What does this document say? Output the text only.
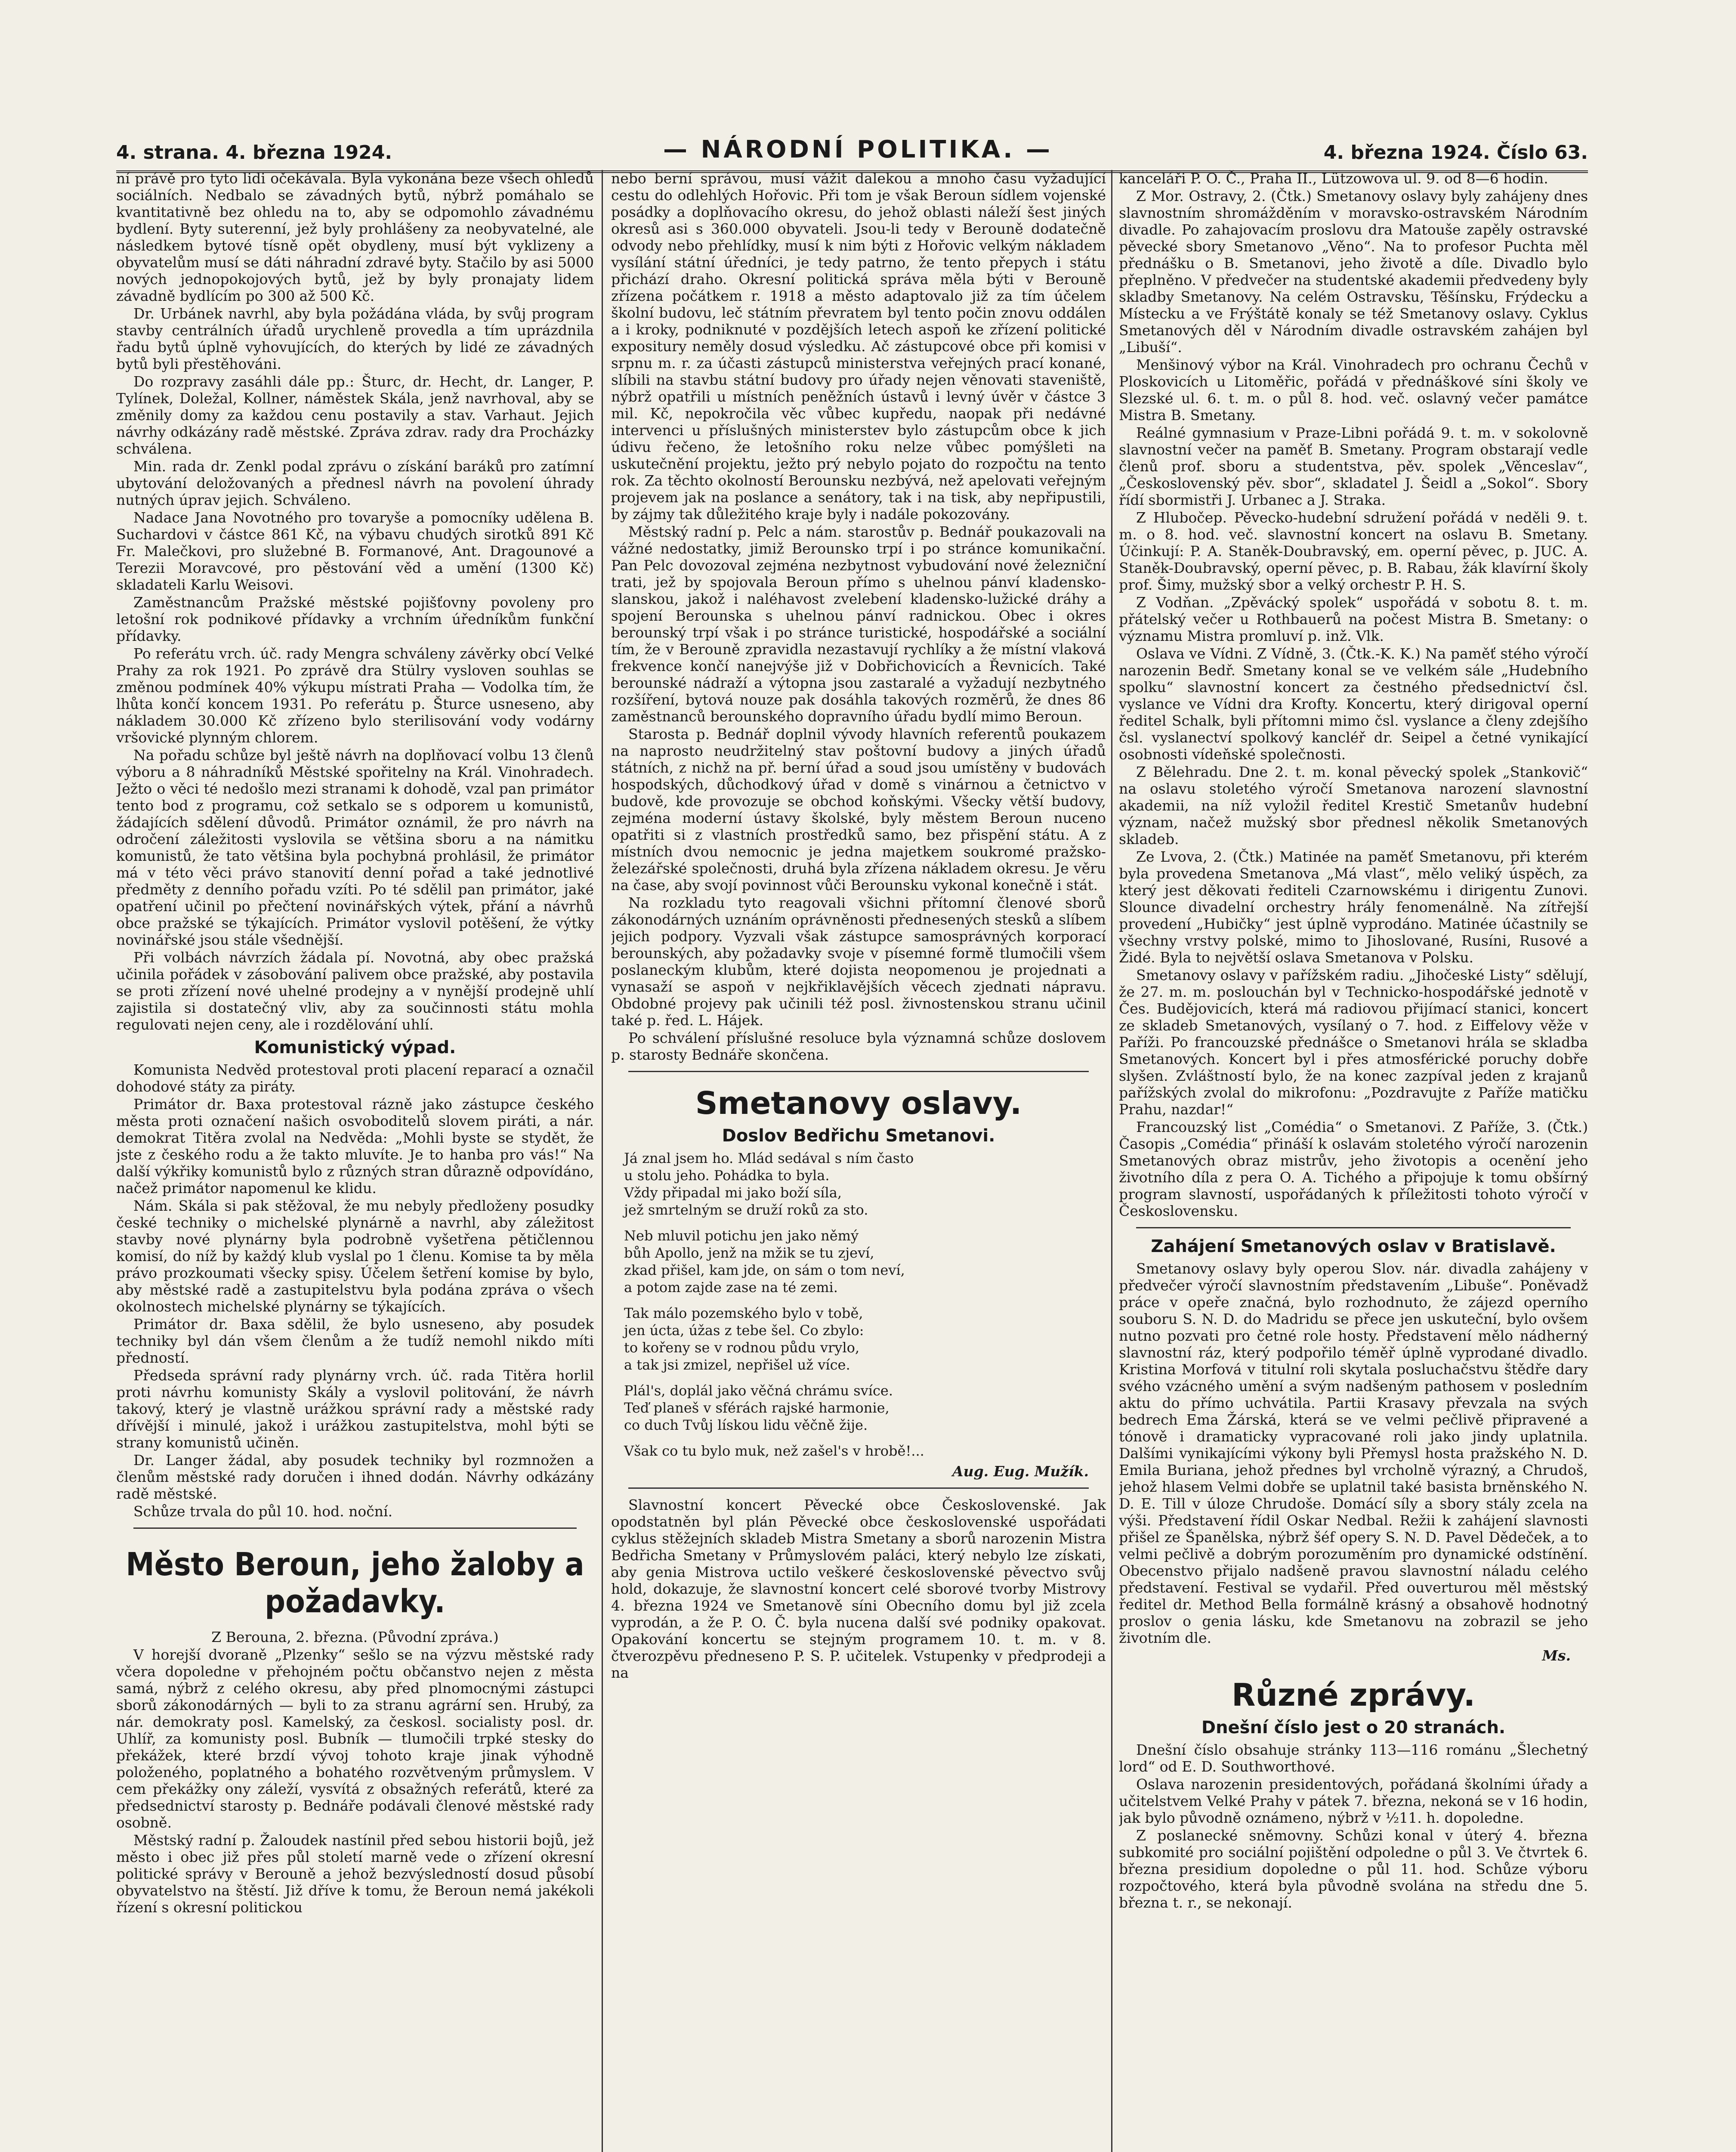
4. strana. 4. března 1924.	— NÁRODNÍ POLITIKA. —	4. března 1924. Číslo 63.

ní právě pro tyto lidi očekávala. Byla vykonána beze všech ohledů sociálních. Nedbalo se závadných bytů, nýbrž pomáhalo se kvantitativně bez ohledu na to, aby se odpomohlo závadnému bydlení. Byty suterenní, jež byly prohlášeny za neobyvatelné, ale následkem bytové tísně opět obydleny, musí být vyklizeny a obyvatelům musí se dáti náhradní zdravé byty. Stačilo by asi 5000 nových jednopokojových bytů, jež by byly pronajaty lidem závadně bydlícím po 300 až 500 Kč.

Dr. Urbánek navrhl, aby byla požádána vláda, by svůj program stavby centrálních úřadů urychleně provedla a tím uprázdnila řadu bytů úplně vyhovujících, do kterých by lidé ze závadných bytů byli přestěhováni.

Do rozpravy zasáhli dále pp.: Šturc, dr. Hecht, dr. Langer, P. Tylínek, Doležal, Kollner, náměstek Skála, jenž navrhoval, aby se změnily domy za každou cenu postavily a stav. Varhaut. Jejich návrhy odkázány radě městské. Zpráva zdrav. rady dra Procházky schválena.

Min. rada dr. Zenkl podal zprávu o získání baráků pro zatímní ubytování deložovaných a přednesl návrh na povolení úhrady nutných úprav jejich. Schváleno.

Nadace Jana Novotného pro tovaryše a pomocníky udělena B. Suchardovi v částce 861 Kč, na výbavu chudých sirotků 891 Kč Fr. Malečkovi, pro služebné B. Formanové, Ant. Dragounové a Terezii Moravcové, pro pěstování věd a umění (1300 Kč) skladateli Karlu Weisovi.

Zaměstnancům Pražské městské pojišťovny povoleny pro letošní rok podnikové přídavky a vrchním úředníkům funkční přídavky.

Po referátu vrch. úč. rady Mengra schváleny závěrky obcí Velké Prahy za rok 1921. Po zprávě dra Stülry vysloven souhlas se změnou podmínek 40% výkupu místrati Praha — Vodolka tím, že lhůta končí koncem 1931. Po referátu p. Šturce usneseno, aby nákladem 30.000 Kč zřízeno bylo sterilisování vody vodárny vršovické plynným chlorem.

Na pořadu schůze byl ještě návrh na doplňovací volbu 13 členů výboru a 8 náhradníků Městské spořitelny na Král. Vinohradech. Ježto o věci té nedošlo mezi stranami k dohodě, vzal pan primátor tento bod z programu, což setkalo se s odporem u komunistů, žádajících sdělení důvodů. Primátor oznámil, že pro návrh na odročení záležitosti vyslovila se většina sboru a na námitku komunistů, že tato většina byla pochybná prohlásil, že primátor má v této věci právo stanovití denní pořad a také jednotlivé předměty z denního pořadu vzíti. Po té sdělil pan primátor, jaké opatření učinil po přečtení novinářských výtek, přání a návrhů obce pražské se týkajících. Primátor vyslovil potěšení, že výtky novinářské jsou stále všednější.

Při volbách návrzích žádala pí. Novotná, aby obec pražská učinila pořádek v zásobování palivem obce pražské, aby postavila se proti zřízení nové uhelné prodejny a v nynější prodejně uhlí zajistila si dostatečný vliv, aby za součinnosti státu mohla regulovati nejen ceny, ale i rozdělování uhlí.

Komunistický výpad.

Komunista Nedvěd protestoval proti placení reparací a označil dohodové státy za piráty.

Primátor dr. Baxa protestoval rázně jako zástupce českého města proti označení našich osvoboditelů slovem piráti, a nár. demokrat Titěra zvolal na Nedvěda: „Mohli byste se stydět, že jste z českého rodu a že takto mluvíte. Je to hanba pro vás!“ Na další výkřiky komunistů bylo z různých stran důrazně odpovídáno, načež primátor napomenul ke klidu.

Nám. Skála si pak stěžoval, že mu nebyly předloženy posudky české techniky o michelské plynárně a navrhl, aby záležitost stavby nové plynárny byla podrobně vyšetřena pětičlennou komisí, do níž by každý klub vyslal po 1 členu. Komise ta by měla právo prozkoumati všecky spisy. Účelem šetření komise by bylo, aby městské radě a zastupitelstvu byla podána zpráva o všech okolnostech michelské plynárny se týkajících.

Primátor dr. Baxa sdělil, že bylo usneseno, aby posudek techniky byl dán všem členům a že tudíž nemohl nikdo míti předností.

Předseda správní rady plynárny vrch. úč. rada Titěra horlil proti návrhu komunisty Skály a vyslovil politování, že návrh takový, který je vlastně urážkou správní rady a městské rady dřívější i minulé, jakož i urážkou zastupitelstva, mohl býti se strany komunistů učiněn.

Dr. Langer žádal, aby posudek techniky byl rozmnožen a členům městské rady doručen i ihned dodán. Návrhy odkázány radě městské.

Schůze trvala do půl 10. hod. noční.

Město Beroun, jeho žaloby a požadavky.

Z Berouna, 2. března. (Původní zpráva.)

V horejší dvoraně „Plzenky“ sešlo se na výzvu městské rady včera dopoledne v přehojném počtu občanstvo nejen z města samá, nýbrž z celého okresu, aby před plnomocnými zástupci sborů zákonodárných — byli to za stranu agrární sen. Hrubý, za nár. demokraty posl. Kamelský, za českosl. socialisty posl. dr. Uhlíř, za komunisty posl. Bubník — tlumočili trpké stesky do překážek, které brzdí vývoj tohoto kraje jinak výhodně položeného, poplatného a bohatého rozvětveným průmyslem. V cem překážky ony záleží, vysvítá z obsažných referátů, které za předsednictví starosty p. Bednáře podávali členové městské rady osobně.

Městský radní p. Žaloudek nastínil před sebou historii bojů, jež město i obec již přes půl století marně vede o zřízení okresní politické správy v Berouně a jehož bezvýsledností dosud působí obyvatelstvo na štěstí. Již dříve k tomu, že Beroun nemá jakékoli řízení s okresní politickou

nebo berní správou, musí vážit dalekou a mnoho času vyžadující cestu do odlehlých Hořovic. Při tom je však Beroun sídlem vojenské posádky a doplňovacího okresu, do jehož oblasti náleží šest jiných okresů asi s 360.000 obyvateli. Jsou-li tedy v Berouně dodatečně odvody nebo přehlídky, musí k nim býti z Hořovic velkým nákladem vysílání státní úředníci, je tedy patrno, že tento přepych i státu přichází draho. Okresní politická správa měla býti v Berouně zřízena počátkem r. 1918 a město adaptovalo již za tím účelem školní budovu, leč státním převratem byl tento počin znovu oddálen a i kroky, podniknuté v pozdějších letech aspoň ke zřízení politické expositury neměly dosud výsledku. Ač zástupcové obce při komisi v srpnu m. r. za účasti zástupců ministerstva veřejných prací konané, slíbili na stavbu státní budovy pro úřady nejen věnovati staveniště, nýbrž opatřili u místních peněžních ústavů i levný úvěr v částce 3 mil. Kč, nepokročila věc vůbec kupředu, naopak při nedávné intervenci u příslušných ministerstev bylo zástupcům obce k jich údivu řečeno, že letošního roku nelze vůbec pomýšleti na uskutečnění projektu, ježto prý nebylo pojato do rozpočtu na tento rok. Za těchto okolností Berounsku nezbývá, než apelovati veřejným projevem jak na poslance a senátory, tak i na tisk, aby nepřipustili, by zájmy tak důležitého kraje byly i nadále pokozovány.

Městský radní p. Pelc a nám. starostův p. Bednář poukazovali na vážné nedostatky, jimiž Berounsko trpí i po stránce komunikační. Pan Pelc dovozoval zejména nezbytnost vybudování nové železniční trati, jež by spojovala Beroun přímo s uhelnou pánví kladensko-slanskou, jakož i naléhavost zvelebení kladensko-lužické dráhy a spojení Berounska s uhelnou pánví radnickou. Obec i okres berounský trpí však i po stránce turistické, hospodářské a sociální tím, že v Berouně zpravidla nezastavují rychlíky a že místní vlaková frekvence končí nanejvýše již v Dobřichovicích a Řevnicích. Také berounské nádraží a výtopna jsou zastaralé a vyžadují nezbytného rozšíření, bytová nouze pak dosáhla takových rozměrů, že dnes 86 zaměstnanců berounského dopravního úřadu bydlí mimo Beroun.

Starosta p. Bednář doplnil vývody hlavních referentů poukazem na naprosto neudržitelný stav poštovní budovy a jiných úřadů státních, z nichž na př. berní úřad a soud jsou umístěny v budovách hospodských, důchodkový úřad v domě s vinárnou a četnictvo v budově, kde provozuje se obchod koňskými. Všecky větší budovy, zejména moderní ústavy školské, byly městem Beroun nuceno opatřiti si z vlastních prostředků samo, bez přispění státu. A z místních dvou nemocnic je jedna majetkem soukromé pražsko-železářské společnosti, druhá byla zřízena nákladem okresu. Je věru na čase, aby svojí povinnost vůči Berounsku vykonal konečně i stát.

Na rozkladu tyto reagovali všichni přítomní členové sborů zákonodárných uznáním oprávněnosti přednesených stesků a slíbem jejich podpory. Vyzvali však zástupce samosprávných korporací berounských, aby požadavky svoje v písemné formě tlumočili všem poslaneckým klubům, které dojista neopomenou je projednati a vynasaží se aspoň v nejkřiklavějších věcech zjednati nápravu. Obdobné projevy pak učinili též posl. živnostenskou stranu učinil také p. řed. L. Hájek.

Po schválení příslušné resoluce byla významná schůze doslovem p. starosty Bednáře skončena.

Smetanovy oslavy.
Doslov Bedřichu Smetanovi.

Já znal jsem ho. Mlád sedával s ním často

u stolu jeho. Pohádka to byla.

Vždy připadal mi jako boží síla,

jež smrtelným se druží roků za sto.

Neb mluvil potichu jen jako němý

bůh Apollo, jenž na mžik se tu zjeví,

zkad přišel, kam jde, on sám o tom neví,

a potom zajde zase na té zemi.

Tak málo pozemského bylo v tobě,

jen úcta, úžas z tebe šel. Co zbylo:

to kořeny se v rodnou půdu vrylo,

a tak jsi zmizel, nepřišel už více.

Plál's, doplál jako věčná chrámu svíce.

Teď planeš v sférách rajské harmonie,

co duch Tvůj lískou lidu věčně žije.

Však co tu bylo muk, než zašel's v hrobě!...

Aug. Eug. Mužík.

Slavnostní koncert Pěvecké obce Československé. Jak opodstatněn byl plán Pěvecké obce československé uspořádati cyklus stěžejních skladeb Mistra Smetany a sborů narozenin Mistra Bedřicha Smetany v Průmyslovém paláci, který nebylo lze získati, aby genia Mistrova uctilo veškeré československé pěvectvo svůj hold, dokazuje, že slavnostní koncert celé sborové tvorby Mistrovy 4. března 1924 ve Smetanově síni Obecního domu byl již zcela vyprodán, a že P. O. Č. byla nucena další své podniky opakovat. Opakování koncertu se stejným programem 10. t. m. v 8. čtverozpěvu předneseno P. S. P. učitelek. Vstupenky v předprodeji a na

kanceláři P. O. Č., Praha II., Lützowova ul. 9. od 8—6 hodin.

Z Mor. Ostravy, 2. (Čtk.) Smetanovy oslavy byly zahájeny dnes slavnostním shromážděním v moravsko-ostravském Národním divadle. Po zahajovacím proslovu dra Matouše zapěly ostravské pěvecké sbory Smetanovo „Věno“. Na to profesor Puchta měl přednášku o B. Smetanovi, jeho životě a díle. Divadlo bylo přeplněno. V předvečer na studentské akademii předvedeny byly skladby Smetanovy. Na celém Ostravsku, Těšínsku, Frýdecku a Místecku a ve Frýštátě konaly se též Smetanovy oslavy. Cyklus Smetanových děl v Národním divadle ostravském zahájen byl „Libuší“.

Menšinový výbor na Král. Vinohradech pro ochranu Čechů v Ploskovicích u Litoměřic, pořádá v přednáškové síni školy ve Slezské ul. 6. t. m. o půl 8. hod. več. oslavný večer památce Mistra B. Smetany.

Reálné gymnasium v Praze-Libni pořádá 9. t. m. v sokolovně slavnostní večer na paměť B. Smetany. Program obstarají vedle členů prof. sboru a studentstva, pěv. spolek „Věnceslav“, „Československý pěv. sbor“, skladatel J. Šeidl a „Sokol“. Sbory řídí sbormistři J. Urbanec a J. Straka.

Z Hlubočep. Pěvecko-hudební sdružení pořádá v neděli 9. t. m. o 8. hod. več. slavnostní koncert na oslavu B. Smetany. Účinkují: P. A. Staněk-Doubravský, em. operní pěvec, p. JUC. A. Staněk-Doubravský, operní pěvec, p. B. Rabau, žák klavírní školy prof. Šimy, mužský sbor a velký orchestr P. H. S.

Z Vodňan. „Zpěvácký spolek“ uspořádá v sobotu 8. t. m. přátelský večer u Rothbauerů na počest Mistra B. Smetany: o významu Mistra promluví p. inž. Vlk.

Oslava ve Vídni. Z Vídně, 3. (Čtk.-K. K.) Na paměť stého výročí narozenin Bedř. Smetany konal se ve velkém sále „Hudebního spolku“ slavnostní koncert za čestného předsednictví čsl. vyslance ve Vídni dra Krofty. Koncertu, který dirigoval operní ředitel Schalk, byli přítomni mimo čsl. vyslance a členy zdejšího čsl. vyslanectví spolkový kancléř dr. Seipel a četné vynikající osobnosti vídeňské společnosti.

Z Bělehradu. Dne 2. t. m. konal pěvecký spolek „Stankovič“ na oslavu stoletého výročí Smetanova narození slavnostní akademii, na níž vyložil ředitel Krestič Smetanův hudební význam, načež mužský sbor přednesl několik Smetanových skladeb.

Ze Lvova, 2. (Čtk.) Matinée na paměť Smetanovu, při kterém byla provedena Smetanova „Má vlast“, mělo veliký úspěch, za který jest děkovati řediteli Czarnowskému i dirigentu Zunovi. Slounce divadelní orchestry hrály fenomenálně. Na zítřejší provedení „Hubičky“ jest úplně vyprodáno. Matinée účastnily se všechny vrstvy polské, mimo to Jihoslované, Rusíni, Rusové a Židé. Byla to největší oslava Smetanova v Polsku.

Smetanovy oslavy v pařížském radiu. „Jihočeské Listy“ sdělují, že 27. m. m. poslouchán byl v Technicko-hospodářské jednotě v Čes. Budějovicích, která má radiovou přijímací stanici, koncert ze skladeb Smetanových, vysílaný o 7. hod. z Eiffelovy věže v Paříži. Po francouzské přednášce o Smetanovi hrála se skladba Smetanových. Koncert byl i přes atmosférické poruchy dobře slyšen. Zvláštností bylo, že na konec zazpíval jeden z krajanů pařížských zvolal do mikrofonu: „Pozdravujte z Paříže matičku Prahu, nazdar!“

Francouzský list „Comédia“ o Smetanovi. Z Paříže, 3. (Čtk.) Časopis „Comédia“ přináší k oslavám stoletého výročí narozenin Smetanových obraz mistrův, jeho životopis a ocenění jeho životního díla z pera O. A. Tichého a připojuje k tomu obšírný program slavností, uspořádaných k příležitosti tohoto výročí v Československu.

Zahájení Smetanových oslav v Bratislavě.

Smetanovy oslavy byly operou Slov. nár. divadla zahájeny v předvečer výročí slavnostním představením „Libuše“. Poněvadž práce v opeře značná, bylo rozhodnuto, že zájezd operního souboru S. N. D. do Madridu se přece jen uskuteční, bylo ovšem nutno pozvati pro četné role hosty. Představení mělo nádherný slavnostní ráz, který podpořilo téměř úplně vyprodané divadlo. Kristina Morfová v titulní roli skytala posluchačstvu štědře dary svého vzácného umění a svým nadšeným pathosem v posledním aktu do přímo uchvátila. Partii Krasavy převzala na svých bedrech Ema Žárská, která se ve velmi pečlivě připravené a tónově i dramaticky vypracované roli jako jindy uplatnila. Dalšími vynikajícími výkony byli Přemysl hosta pražského N. D. Emila Buriana, jehož přednes byl vrcholně výrazný, a Chrudoš, jehož hlasem Velmi dobře se uplatnil také basista brněnského N. D. E. Till v úloze Chrudoše. Domácí síly a sbory stály zcela na výši. Představení řídil Oskar Nedbal. Režii k zahájení slavnosti přišel ze Španělska, nýbrž šéf opery S. N. D. Pavel Dědeček, a to velmi pečlivě a dobrým porozuměním pro dynamické odstínění. Obecenstvo přijalo nadšeně pravou slavnostní náladu celého představení. Festival se vydařil. Před ouverturou měl městský ředitel dr. Method Bella formálně krásný a obsahově hodnotný proslov o genia lásku, kde Smetanovu na zobrazil se jeho životním dle.

Ms.
Různé zprávy.
Dnešní číslo jest o 20 stranách.

Dnešní číslo obsahuje stránky 113—116 románu „Šlechetný lord“ od E. D. Southworthové.

Oslava narozenin presidentových, pořádaná školními úřady a učitelstvem Velké Prahy v pátek 7. března, nekoná se v 16 hodin, jak bylo původně oznámeno, nýbrž v ½11. h. dopoledne.

Z poslanecké sněmovny. Schůzi konal v úterý 4. března subkomité pro sociální pojištění odpoledne o půl 3. Ve čtvrtek 6. března presidium dopoledne o půl 11. hod. Schůze výboru rozpočtového, která byla původně svolána na středu dne 5. března t. r., se nekonají.
